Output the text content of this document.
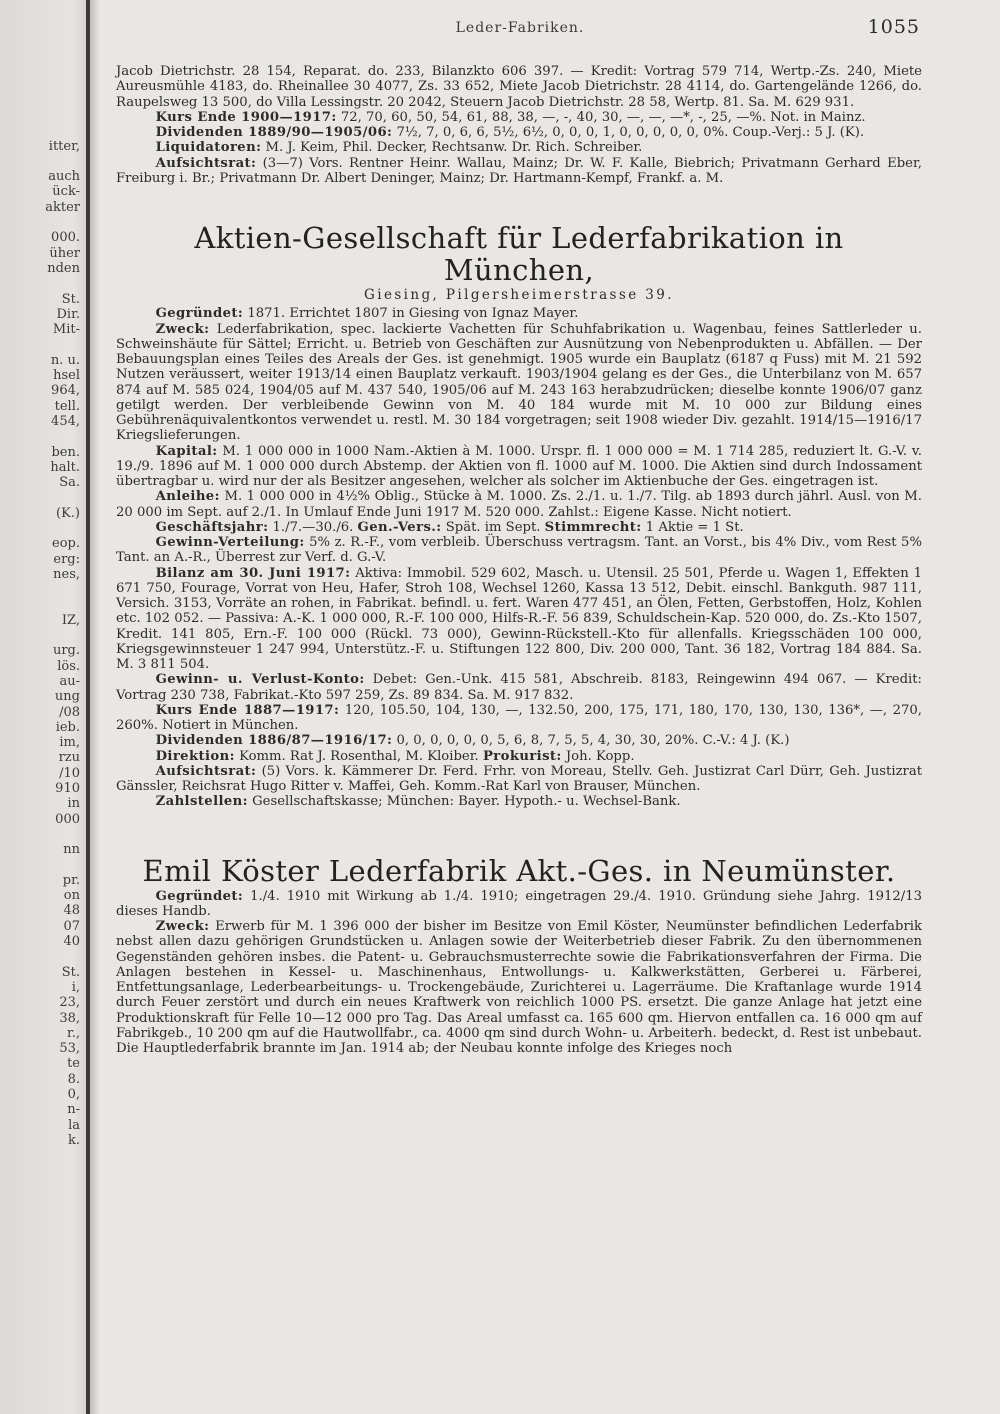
itter,
auch
ück-
akter
000.
üher
nden
St.
Dir.
Mit-
n. u.
hsel
964,
tell.
454,
ben.
halt.
Sa.
(K.)
eop.
erg:
nes,
IZ,
urg.
lös.
au-
ung
/08
ieb.
im,
rzu
/10
910
in
000
nn
pr.
on
48
07
40
St.
i,
23,
38,
r.,
53,
te
8.
0,
n-
la
k.
Leder-Fabriken.	1055

Jacob Dietrichstr. 28 154, Reparat. do. 233, Bilanzkto 606 397. — Kredit: Vortrag 579 714, Wertp.-Zs. 240, Miete Aureusmühle 4183, do. Rheinallee 30 4077, Zs. 33 652, Miete Jacob Dietrichstr. 28 4114, do. Gartengelände 1266, do. Raupelsweg 13 500, do Villa Lessingstr. 20 2042, Steuern Jacob Dietrichstr. 28 58, Wertp. 81. Sa. M. 629 931.

Kurs Ende 1900—1917: 72, 70, 60, 50, 54, 61, 88, 38, —, -, 40, 30, —, —, —*, -, 25, —%. Not. in Mainz.

Dividenden 1889/90—1905/06: 7½, 7, 0, 6, 6, 5½, 6½, 0, 0, 0, 1, 0, 0, 0, 0, 0, 0%. Coup.-Verj.: 5 J. (K).

Liquidatoren: M. J. Keim, Phil. Decker, Rechtsanw. Dr. Rich. Schreiber.

Aufsichtsrat: (3—7) Vors. Rentner Heinr. Wallau, Mainz; Dr. W. F. Kalle, Biebrich; Privatmann Gerhard Eber, Freiburg i. Br.; Privatmann Dr. Albert Deninger, Mainz; Dr. Hartmann-Kempf, Frankf. a. M.

Aktien-Gesellschaft für Lederfabrikation in München,
Giesing, Pilgersheimerstrasse 39.

Gegründet: 1871. Errichtet 1807 in Giesing von Ignaz Mayer.

Zweck: Lederfabrikation, spec. lackierte Vachetten für Schuhfabrikation u. Wagenbau, feines Sattlerleder u. Schweinshäute für Sättel; Erricht. u. Betrieb von Geschäften zur Ausnützung von Nebenprodukten u. Abfällen. — Der Bebauungsplan eines Teiles des Areals der Ges. ist genehmigt. 1905 wurde ein Bauplatz (6187 q Fuss) mit M. 21 592 Nutzen veräussert, weiter 1913/14 einen Bauplatz verkauft. 1903/1904 gelang es der Ges., die Unterbilanz von M. 657 874 auf M. 585 024, 1904/05 auf M. 437 540, 1905/06 auf M. 243 163 herabzudrücken; dieselbe konnte 1906/07 ganz getilgt werden. Der verbleibende Gewinn von M. 40 184 wurde mit M. 10 000 zur Bildung eines Gebührenäquivalentkontos verwendet u. restl. M. 30 184 vorgetragen; seit 1908 wieder Div. gezahlt. 1914/15—1916/17 Kriegslieferungen.

Kapital: M. 1 000 000 in 1000 Nam.-Aktien à M. 1000. Urspr. fl. 1 000 000 = M. 1 714 285, reduziert lt. G.-V. v. 19./9. 1896 auf M. 1 000 000 durch Abstemp. der Aktien von fl. 1000 auf M. 1000. Die Aktien sind durch Indossament übertragbar u. wird nur der als Besitzer angesehen, welcher als solcher im Aktienbuche der Ges. eingetragen ist.

Anleihe: M. 1 000 000 in 4½% Oblig., Stücke à M. 1000. Zs. 2./1. u. 1./7. Tilg. ab 1893 durch jährl. Ausl. von M. 20 000 im Sept. auf 2./1. In Umlauf Ende Juni 1917 M. 520 000. Zahlst.: Eigene Kasse. Nicht notiert.

Geschäftsjahr: 1./7.—30./6. Gen.-Vers.: Spät. im Sept. Stimmrecht: 1 Aktie = 1 St.

Gewinn-Verteilung: 5% z. R.-F., vom verbleib. Überschuss vertragsm. Tant. an Vorst., bis 4% Div., vom Rest 5% Tant. an A.-R., Überrest zur Verf. d. G.-V.

Bilanz am 30. Juni 1917: Aktiva: Immobil. 529 602, Masch. u. Utensil. 25 501, Pferde u. Wagen 1, Effekten 1 671 750, Fourage, Vorrat von Heu, Hafer, Stroh 108, Wechsel 1260, Kassa 13 512, Debit. einschl. Bankguth. 987 111, Versich. 3153, Vorräte an rohen, in Fabrikat. befindl. u. fert. Waren 477 451, an Ölen, Fetten, Gerbstoffen, Holz, Kohlen etc. 102 052. — Passiva: A.-K. 1 000 000, R.-F. 100 000, Hilfs-R.-F. 56 839, Schuldschein-Kap. 520 000, do. Zs.-Kto 1507, Kredit. 141 805, Ern.-F. 100 000 (Rückl. 73 000), Gewinn-Rückstell.-Kto für allenfalls. Kriegsschäden 100 000, Kriegsgewinnsteuer 1 247 994, Unterstütz.-F. u. Stiftungen 122 800, Div. 200 000, Tant. 36 182, Vortrag 184 884. Sa. M. 3 811 504.

Gewinn- u. Verlust-Konto: Debet: Gen.-Unk. 415 581, Abschreib. 8183, Reingewinn 494 067. — Kredit: Vortrag 230 738, Fabrikat.-Kto 597 259, Zs. 89 834. Sa. M. 917 832.

Kurs Ende 1887—1917: 120, 105.50, 104, 130, —, 132.50, 200, 175, 171, 180, 170, 130, 130, 136*, —, 270, 260%. Notiert in München.

Dividenden 1886/87—1916/17: 0, 0, 0, 0, 0, 0, 5, 6, 8, 7, 5, 5, 4, 30, 30, 20%. C.-V.: 4 J. (K.)

Direktion: Komm. Rat J. Rosenthal, M. Kloiber. Prokurist: Joh. Kopp.

Aufsichtsrat: (5) Vors. k. Kämmerer Dr. Ferd. Frhr. von Moreau, Stellv. Geh. Justizrat Carl Dürr, Geh. Justizrat Gänssler, Reichsrat Hugo Ritter v. Maffei, Geh. Komm.-Rat Karl von Brauser, München.

Zahlstellen: Gesellschaftskasse; München: Bayer. Hypoth.- u. Wechsel-Bank.

Emil Köster Lederfabrik Akt.-Ges. in Neumünster.

Gegründet: 1./4. 1910 mit Wirkung ab 1./4. 1910; eingetragen 29./4. 1910. Gründung siehe Jahrg. 1912/13 dieses Handb.

Zweck: Erwerb für M. 1 396 000 der bisher im Besitze von Emil Köster, Neumünster befindlichen Lederfabrik nebst allen dazu gehörigen Grundstücken u. Anlagen sowie der Weiterbetrieb dieser Fabrik. Zu den übernommenen Gegenständen gehören insbes. die Patent- u. Gebrauchsmusterrechte sowie die Fabrikationsverfahren der Firma. Die Anlagen bestehen in Kessel- u. Maschinenhaus, Entwollungs- u. Kalkwerkstätten, Gerberei u. Färberei, Entfettungsanlage, Lederbearbeitungs- u. Trockengebäude, Zurichterei u. Lagerräume. Die Kraftanlage wurde 1914 durch Feuer zerstört und durch ein neues Kraftwerk von reichlich 1000 PS. ersetzt. Die ganze Anlage hat jetzt eine Produktionskraft für Felle 10—12 000 pro Tag. Das Areal umfasst ca. 165 600 qm. Hiervon entfallen ca. 16 000 qm auf Fabrikgeb., 10 200 qm auf die Hautwollfabr., ca. 4000 qm sind durch Wohn- u. Arbeiterh. bedeckt, d. Rest ist unbebaut. Die Hauptlederfabrik brannte im Jan. 1914 ab; der Neubau konnte infolge des Krieges noch
